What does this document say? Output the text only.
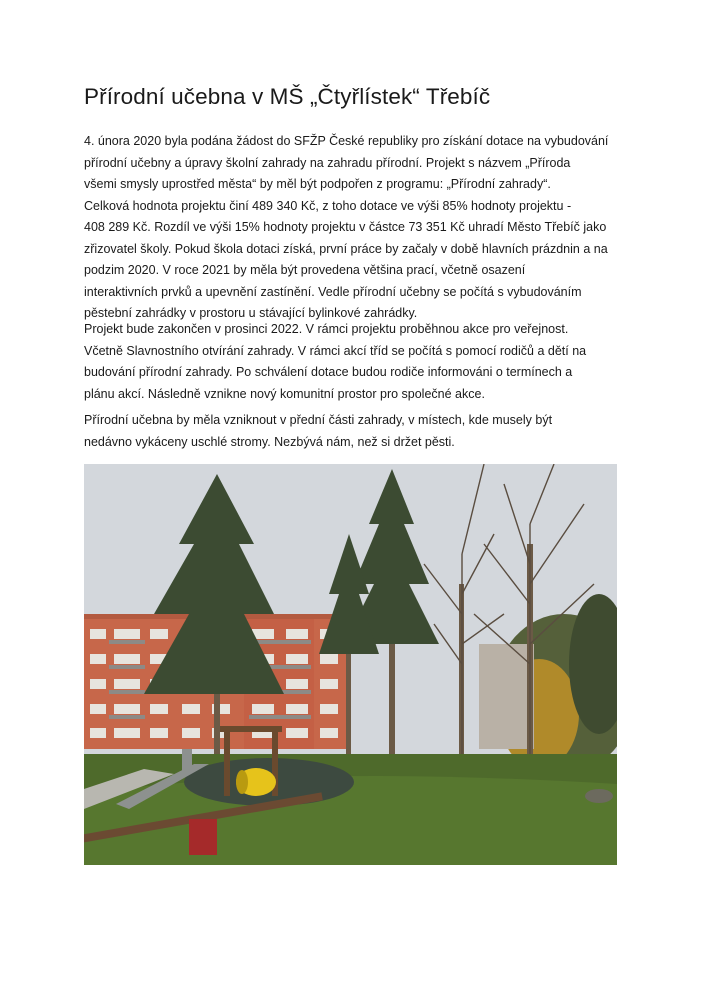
Přírodní učebna v MŠ „Čtyřlístek“ Třebíč
4. února 2020 byla podána žádost do SFŽP České republiky pro získání dotace na vybudování
přírodní učebny a úpravy školní zahrady na zahradu přírodní. Projekt s názvem „Příroda
všemi smysly uprostřed města“ by měl být podpořen z programu: „Přírodní zahrady“.
Celková hodnota projektu činí 489 340 Kč, z toho dotace ve výši 85% hodnoty projektu -
408 289 Kč. Rozdíl ve výši 15% hodnoty projektu v částce 73 351 Kč uhradí Město Třebíč jako
zřizovatel školy. Pokud škola dotaci získá, první práce by začaly v době hlavních prázdnin a na
podzim 2020. V roce 2021 by měla být provedena většina prací, včetně osazení
interaktivních prvků a upevnění zastínění. Vedle přírodní učebny se počítá s vybudováním
pěstební zahrádky v prostoru u stávající bylinkové zahrádky.
Projekt bude zakončen v prosinci 2022. V rámci projektu proběhnou akce pro veřejnost.
Včetně Slavnostního otvírání zahrady. V rámci akcí tříd se počítá s pomocí rodičů a dětí na
budování přírodní zahrady. Po schválení dotace budou rodiče informováni o termínech a
plánu akcí. Následně vznikne nový komunitní prostor pro společné akce.
Přírodní učebna by měla vzniknout v přední části zahrady, v místech, kde musely být
nedávno vykáceny uschlé stromy. Nezbývá nám, než si držet pěsti.
